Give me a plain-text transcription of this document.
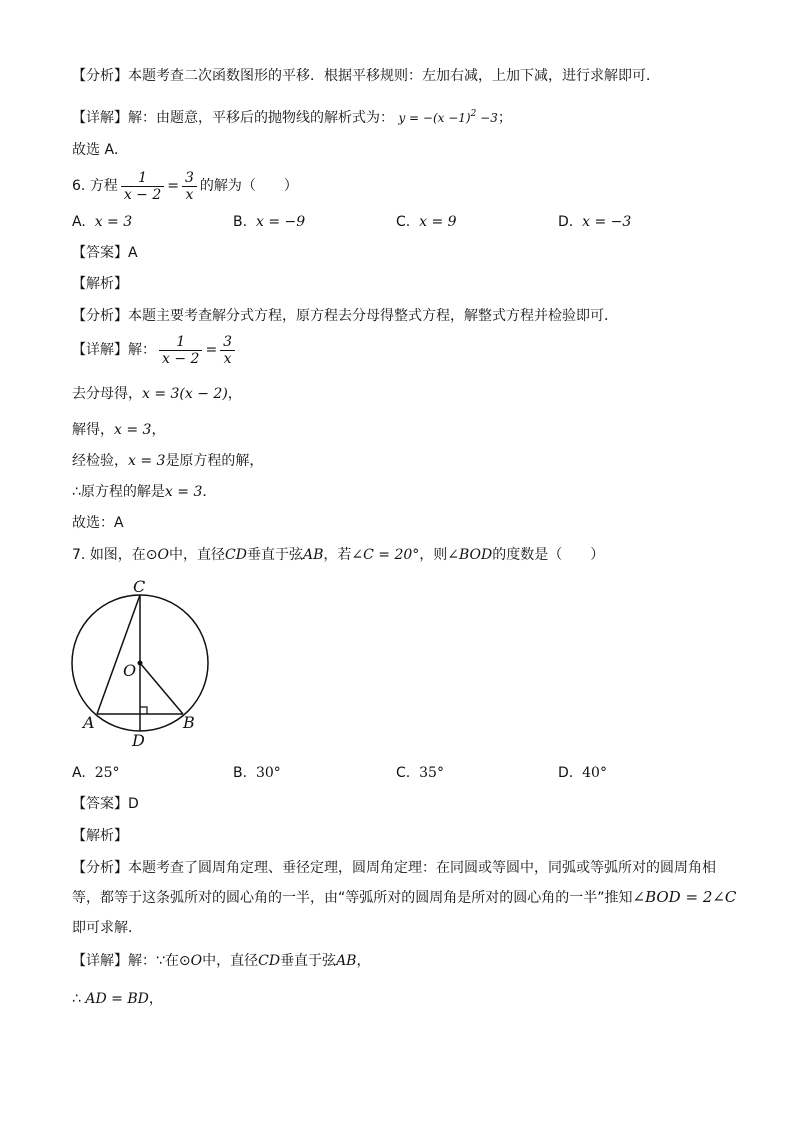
【分析】本题考查二次函数图形的平移．根据平移规则：左加右减，上加下减，进行求解即可．
【详解】解：由题意，平移后的抛物线的解析式为： $y = -(x -1)^2 -3$；
故选 A．
6. 方程 $\frac{1}{x - 2} = \frac{3}{x}$ 的解为（　　）
A. x = 3	B. x = −9	C. x = 9	D. x = −3
【答案】A
【解析】
【分析】本题主要考查解分式方程，原方程去分母得整式方程，解整式方程并检验即可．
【详解】解： $\frac{1}{x - 2} = \frac{3}{x}$
去分母得，x = 3(x − 2)，
解得，x = 3，
经检验，x = 3是原方程的解，
∴原方程的解是x = 3．
故选：A
7. 如图，在⊙O中，直径CD垂直于弦AB，若∠C = 20°，则∠BOD的度数是（　　）
C
O
A	B
D
A. 25°	B. 30°	C. 35°	D. 40°
【答案】D
【解析】
【分析】本题考查了圆周角定理、垂径定理，圆周角定理：在同圆或等圆中，同弧或等弧所对的圆周角相
等，都等于这条弧所对的圆心角的一半，由“等弧所对的圆周角是所对的圆心角的一半”推知∠BOD = 2∠C
即可求解．
【详解】解：∵在⊙O中，直径CD垂直于弦AB，
∴ AD = BD，
